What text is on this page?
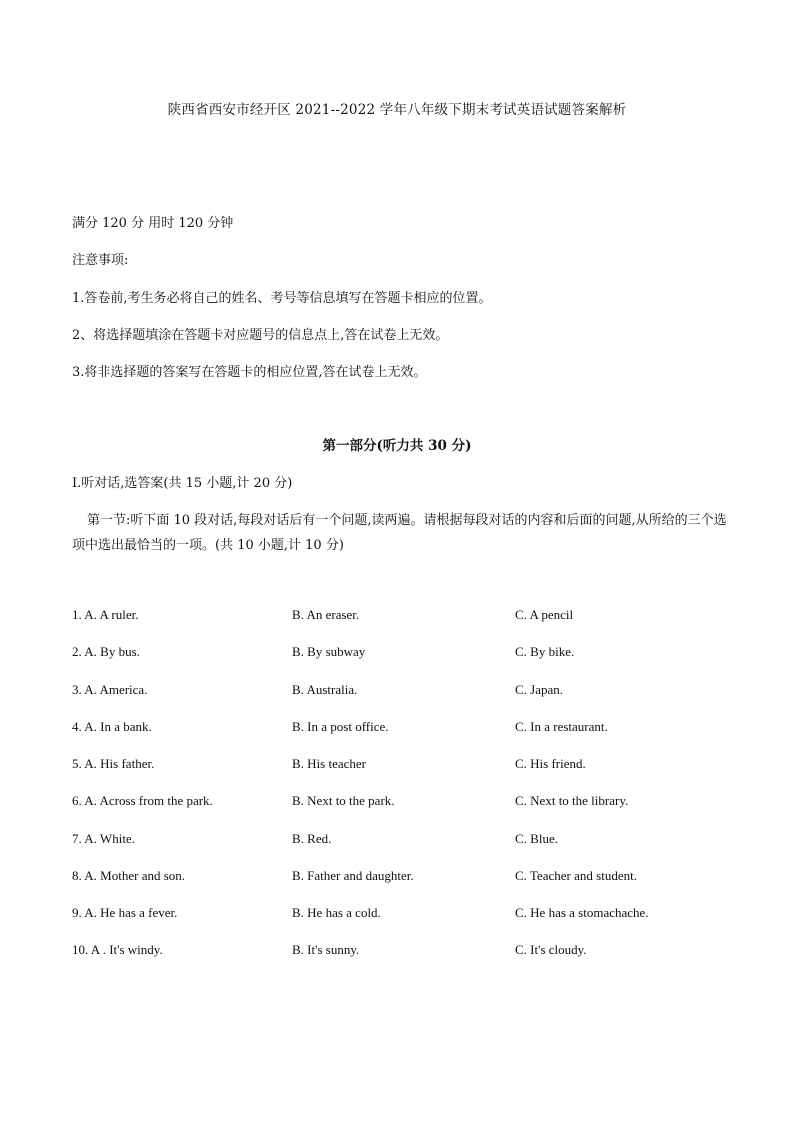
陕西省西安市经开区 2021--2022 学年八年级下期末考试英语试题答案解析
满分 120 分 用时 120 分钟
注意事项:
1.答卷前,考生务必将自己的姓名、考号等信息填写在答题卡相应的位置。
2、将选择题填涂在答题卡对应题号的信息点上,答在试卷上无效。
3.将非选择题的答案写在答题卡的相应位置,答在试卷上无效。
第一部分(听力共 30 分)
I.听对话,选答案(共 15 小题,计 20 分)
第一节:听下面 10 段对话,每段对话后有一个问题,读两遍。请根据每段对话的内容和后面的问题,从所给的三个选项中选出最恰当的一项。(共 10 小题,计 10 分)
1. A. A ruler.	B. An eraser.	C. A pencil
2. A. By bus.	B. By subway	C. By bike.
3. A. America.	B. Australia.	C. Japan.
4. A. In a bank.	B. In a post office.	C. In a restaurant.
5. A. His father.	B. His teacher	C. His friend.
6. A. Across from the park.	B. Next to the park.	C. Next to the library.
7. A. White.	B. Red.	C. Blue.
8. A. Mother and son.	B. Father and daughter.	C. Teacher and student.
9. A. He has a fever.	B. He has a cold.	C. He has a stomachache.
10. A . It's windy.	B. It's sunny.	C. It's cloudy.
